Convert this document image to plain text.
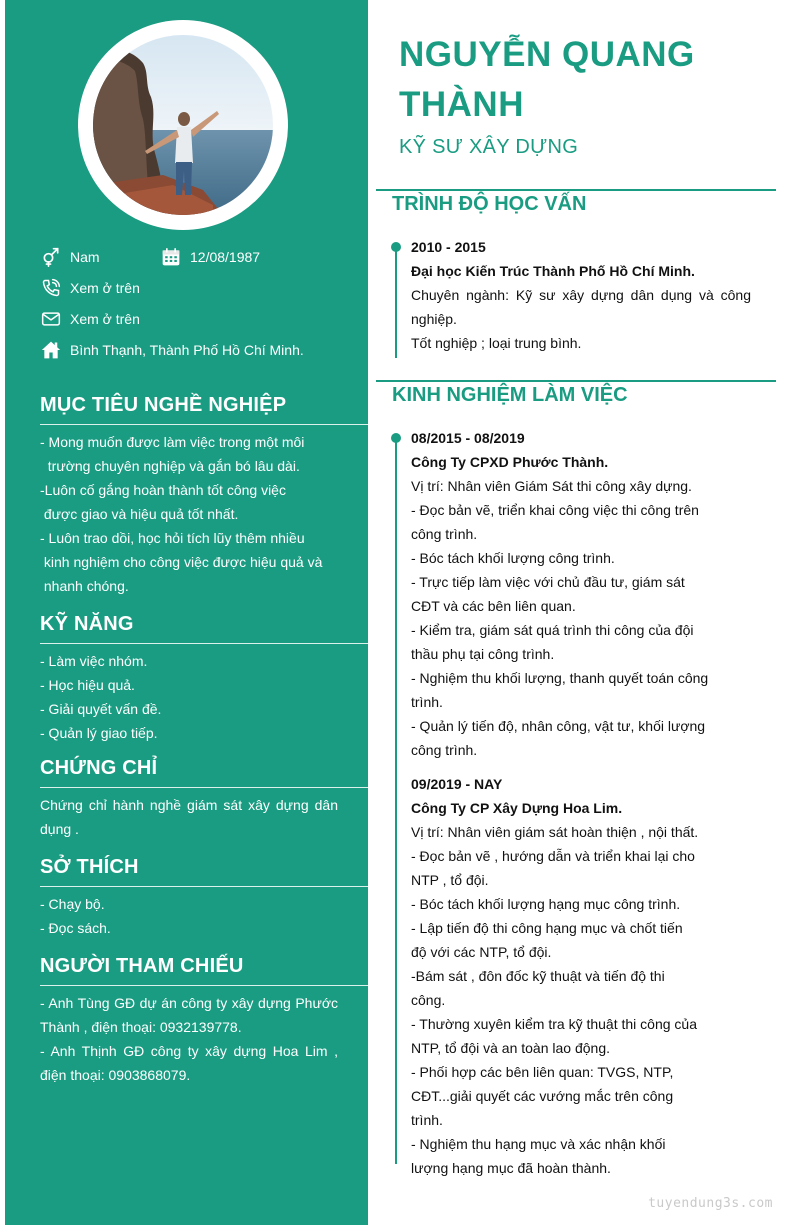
Nam	12/08/1987
Xem ở trên
Xem ở trên
Bình Thạnh, Thành Phố Hồ Chí Minh.
MỤC TIÊU NGHỀ NGHIỆP
- Mong muốn được làm việc trong một môi
trường chuyên nghiệp và gắn bó lâu dài.
-Luôn cố gắng hoàn thành tốt công việc
được giao và hiệu quả tốt nhất.
- Luôn trao dồi, học hỏi tích lũy thêm nhiều
kinh nghiệm cho công việc được hiệu quả và
nhanh chóng.
KỸ NĂNG
- Làm việc nhóm.
- Học hiệu quả.
- Giải quyết vấn đề.
- Quản lý giao tiếp.
CHỨNG CHỈ
Chứng chỉ hành nghề giám sát xây dựng dân dụng .
SỞ THÍCH
- Chạy bộ.
- Đọc sách.
NGƯỜI THAM CHIẾU
- Anh Tùng GĐ dự án công ty xây dựng Phước Thành , điện thoại: 0932139778.
- Anh Thịnh GĐ công ty xây dựng Hoa Lim , điện thoại: 0903868079.
NGUYỄN QUANG
THÀNH
KỸ SƯ XÂY DỰNG
TRÌNH ĐỘ HỌC VẤN
2010 - 2015
Đại học Kiến Trúc Thành Phố Hồ Chí Minh.
Chuyên ngành: Kỹ sư xây dựng dân dụng và công nghiệp.
Tốt nghiệp ; loại trung bình.
KINH NGHIỆM LÀM VIỆC
08/2015 - 08/2019
Công Ty CPXD Phước Thành.
Vị trí: Nhân viên Giám Sát thi công xây dựng.
- Đọc bản vẽ, triển khai công việc thi công trên
công trình.
- Bóc tách khối lượng công trình.
- Trực tiếp làm việc với chủ đầu tư, giám sát
CĐT và các bên liên quan.
- Kiểm tra, giám sát quá trình thi công của đội
thầu phụ tại công trình.
- Nghiệm thu khối lượng, thanh quyết toán công
trình.
- Quản lý tiến độ, nhân công, vật tư, khối lượng
công trình.
09/2019 - NAY
Công Ty CP Xây Dựng Hoa Lim.
Vị trí: Nhân viên giám sát hoàn thiện , nội thất.
- Đọc bản vẽ , hướng dẫn và triển khai lại cho
NTP , tổ đội.
- Bóc tách khối lượng hạng mục công trình.
- Lập tiến độ thi công hạng mục và chốt tiến
độ với các NTP, tổ đội.
-Bám sát , đôn đốc kỹ thuật và tiến độ thi
công.
- Thường xuyên kiểm tra kỹ thuật thi công của
NTP, tổ đội và an toàn lao động.
- Phối hợp các bên liên quan: TVGS, NTP,
CĐT...giải quyết các vướng mắc trên công
trình.
- Nghiệm thu hạng mục và xác nhận khối
lượng hạng mục đã hoàn thành.
tuyendung3s.com
